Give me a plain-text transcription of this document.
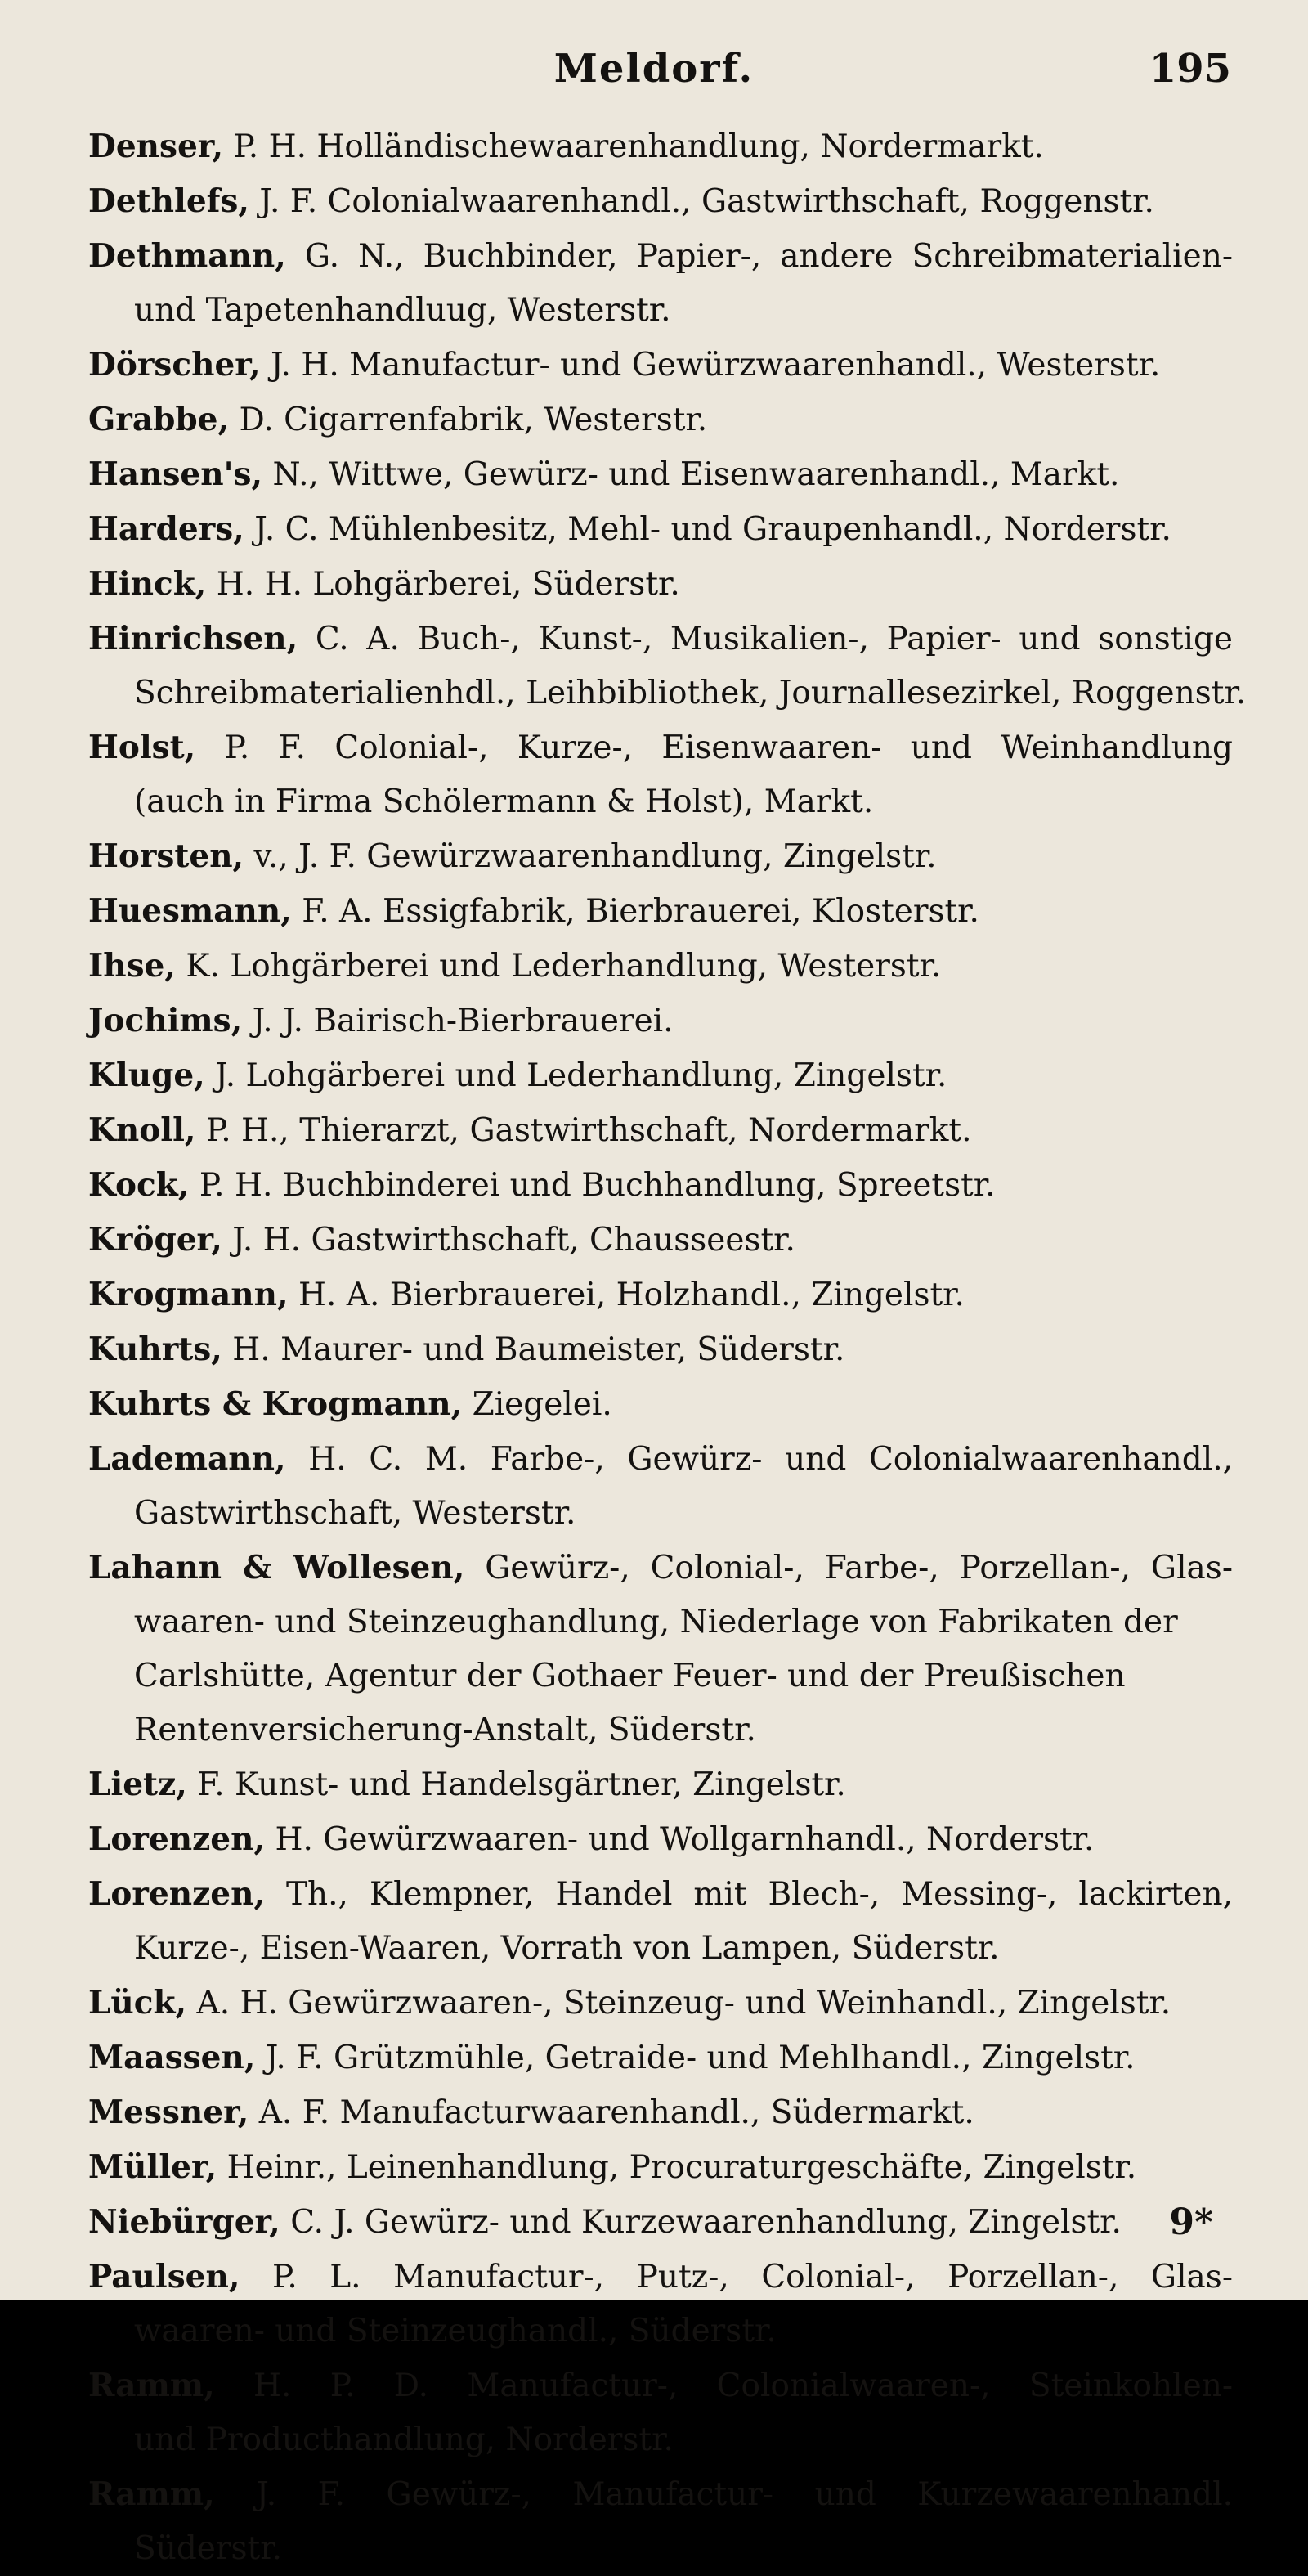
Meldorf.	195
Denser, P. H. Holländischewaarenhandlung, Nordermarkt.
Dethlefs, J. F. Colonialwaarenhandl., Gastwirthschaft, Roggenstr.
Dethmann, G. N., Buchbinder, Papier-, andere Schreibmaterialien-
und Tapetenhandluug, Westerstr.
Dörscher, J. H. Manufactur- und Gewürzwaarenhandl., Westerstr.
Grabbe, D. Cigarrenfabrik, Westerstr.
Hansen's, N., Wittwe, Gewürz- und Eisenwaarenhandl., Markt.
Harders, J. C. Mühlenbesitz, Mehl- und Graupenhandl., Norderstr.
Hinck, H. H. Lohgärberei, Süderstr.
Hinrichsen, C. A. Buch-, Kunst-, Musikalien-, Papier- und sonstige
Schreibmaterialienhdl., Leihbibliothek, Journallesezirkel, Roggenstr.
Holst, P. F. Colonial-, Kurze-, Eisenwaaren- und Weinhandlung
(auch in Firma Schölermann & Holst), Markt.
Horsten, v., J. F. Gewürzwaarenhandlung, Zingelstr.
Huesmann, F. A. Essigfabrik, Bierbrauerei, Klosterstr.
Ihse, K. Lohgärberei und Lederhandlung, Westerstr.
Jochims, J. J. Bairisch-Bierbrauerei.
Kluge, J. Lohgärberei und Lederhandlung, Zingelstr.
Knoll, P. H., Thierarzt, Gastwirthschaft, Nordermarkt.
Kock, P. H. Buchbinderei und Buchhandlung, Spreetstr.
Kröger, J. H. Gastwirthschaft, Chausseestr.
Krogmann, H. A. Bierbrauerei, Holzhandl., Zingelstr.
Kuhrts, H. Maurer- und Baumeister, Süderstr.
Kuhrts & Krogmann, Ziegelei.
Lademann, H. C. M. Farbe-, Gewürz- und Colonialwaarenhandl.,
Gastwirthschaft, Westerstr.
Lahann & Wollesen, Gewürz-, Colonial-, Farbe-, Porzellan-, Glas-
waaren- und Steinzeughandlung, Niederlage von Fabrikaten der
Carlshütte, Agentur der Gothaer Feuer- und der Preußischen
Rentenversicherung-Anstalt, Süderstr.
Lietz, F. Kunst- und Handelsgärtner, Zingelstr.
Lorenzen, H. Gewürzwaaren- und Wollgarnhandl., Norderstr.
Lorenzen, Th., Klempner, Handel mit Blech-, Messing-, lackirten,
Kurze-, Eisen-Waaren, Vorrath von Lampen, Süderstr.
Lück, A. H. Gewürzwaaren-, Steinzeug- und Weinhandl., Zingelstr.
Maassen, J. F. Grützmühle, Getraide- und Mehlhandl., Zingelstr.
Messner, A. F. Manufacturwaarenhandl., Südermarkt.
Müller, Heinr., Leinenhandlung, Procuraturgeschäfte, Zingelstr.
Niebürger, C. J. Gewürz- und Kurzewaarenhandlung, Zingelstr.
Paulsen, P. L. Manufactur-, Putz-, Colonial-, Porzellan-, Glas-
waaren- und Steinzeughandl., Süderstr.
Ramm, H. P. D. Manufactur-, Colonialwaaren-, Steinkohlen-
und Producthandlung, Norderstr.
Ramm, J. F. Gewürz-, Manufactur- und Kurzewaarenhandl.
Süderstr.
9*
